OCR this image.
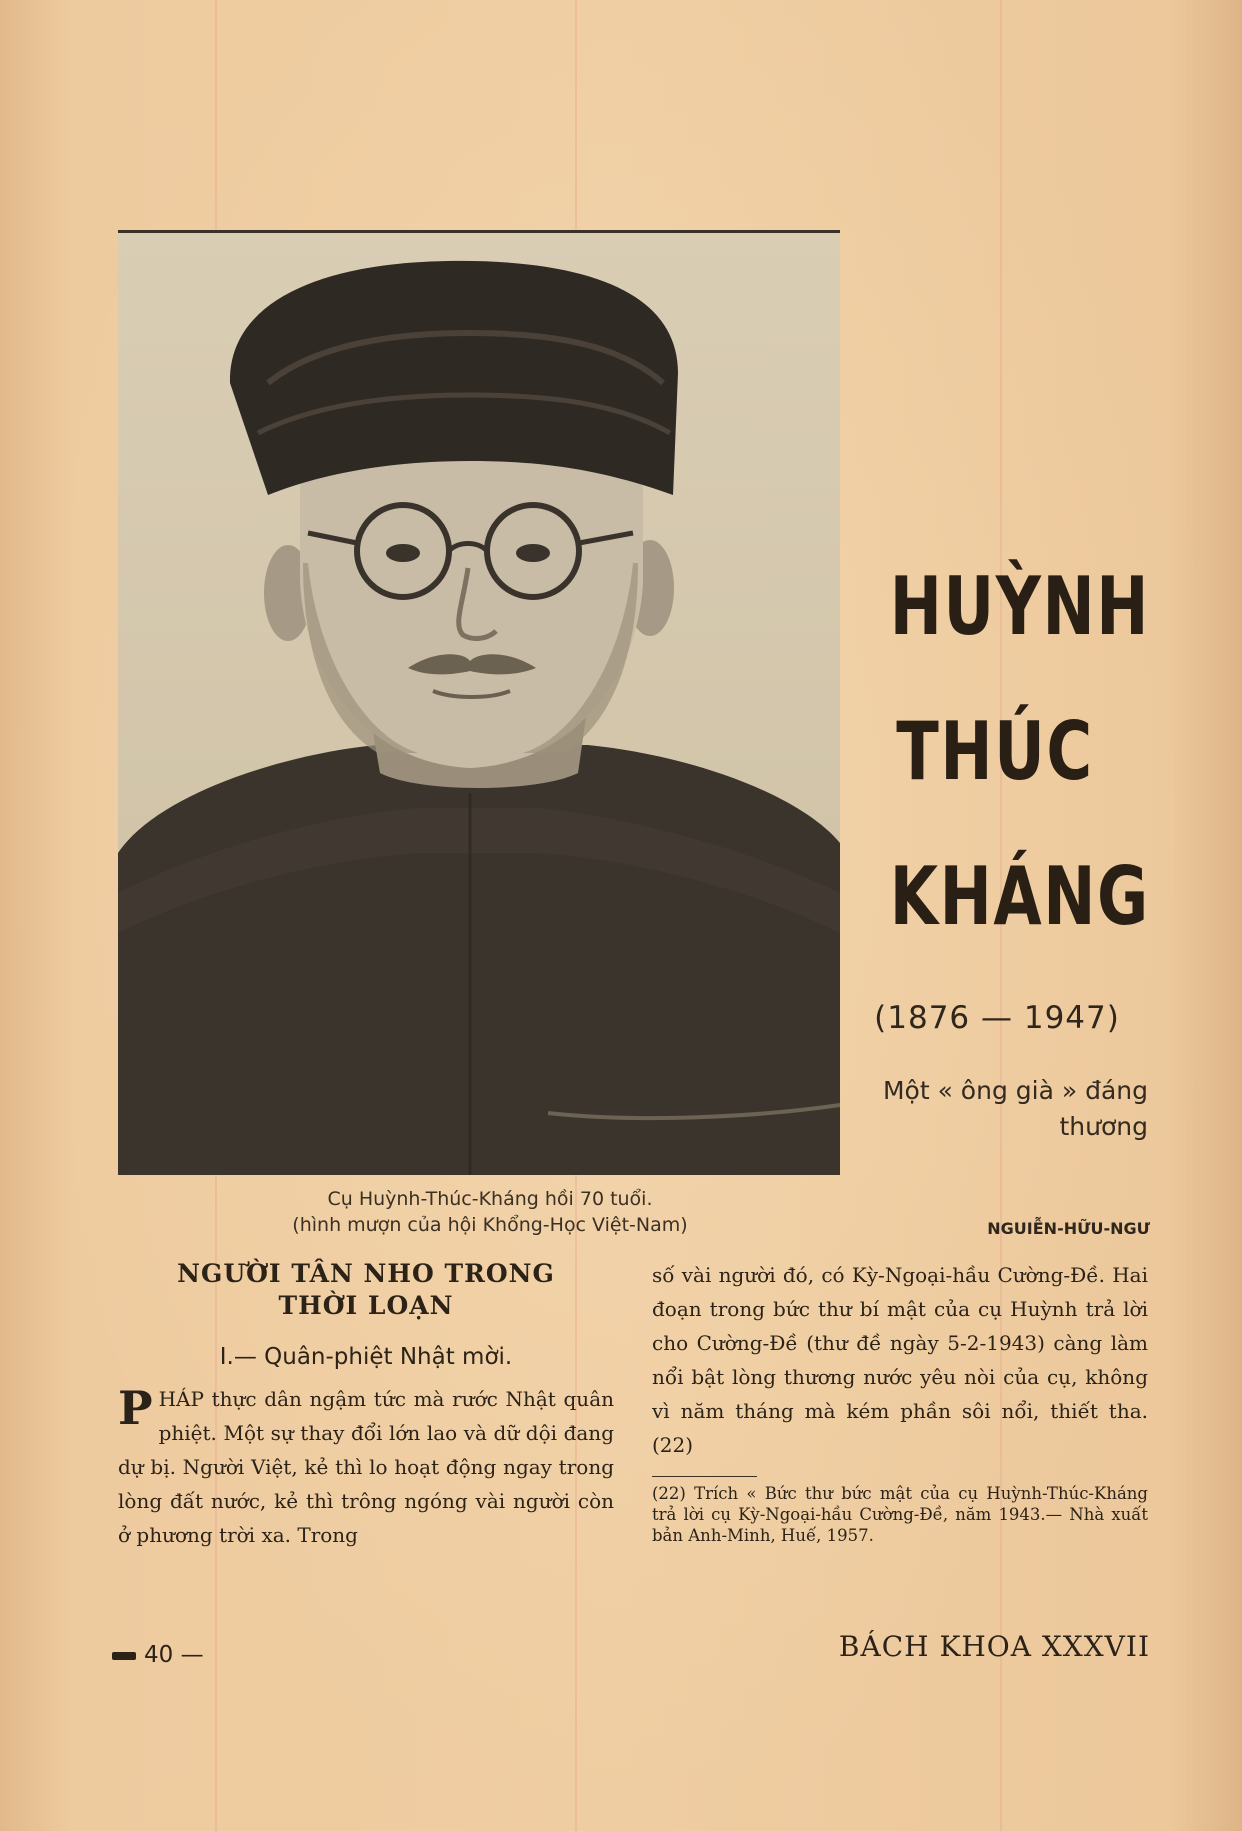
HUỲNH
THÚC
KHÁNG
(1876 — 1947)
Một « ông già » đáng
thương
Cụ Huỳnh-Thúc-Kháng hồi 70 tuổi.
(hình mượn của hội Khổng-Học Việt-Nam)	NGUIỄN-HỮU-NGƯ
NGƯỜI TÂN NHO TRONG
THỜI LOẠN
I.— Quân-phiệt Nhật mời.

PHÁP thực dân ngậm tức mà rước Nhật quân phiệt. Một sự thay đổi lớn lao và dữ dội đang dự bị. Người Việt, kẻ thì lo hoạt động ngay trong lòng đất nước, kẻ thì trông ngóng vài người còn ở phương trời xa. Trong

số vài người đó, có Kỳ-Ngoại-hầu Cường-Đề. Hai đoạn trong bức thư bí mật của cụ Huỳnh trả lời cho Cường-Đề (thư đề ngày 5-2-1943) càng làm nổi bật lòng thương nước yêu nòi của cụ, không vì năm tháng mà kém phần sôi nổi, thiết tha. (22)

(22) Trích « Bức thư bức mật của cụ Huỳnh-Thúc-Kháng trả lời cụ Kỳ-Ngoại-hầu Cường-Đề, năm 1943.— Nhà xuất bản Anh-Minh, Huế, 1957.

40 —	BÁCH KHOA XXXVII
